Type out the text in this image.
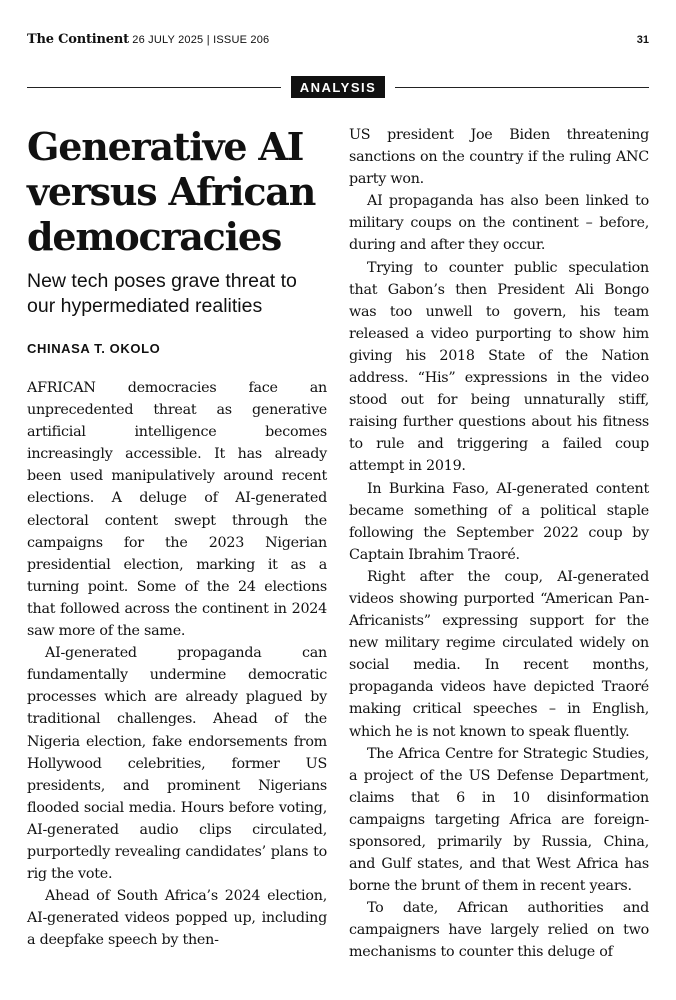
The Continent 26 JULY 2025 | ISSUE 206	31
ANALYSIS
Generative AI versus African democracies
New tech poses grave threat to our hypermediated realities
CHINASA T. OKOLO

AFRICAN democracies face an unprecedented threat as generative artificial intelligence becomes increasingly accessible. It has already been used manipulatively around recent elections. A deluge of AI-generated electoral content swept through the campaigns for the 2023 Nigerian presidential election, marking it as a turning point. Some of the 24 elections that followed across the continent in 2024 saw more of the same.

AI-generated propaganda can fundamentally undermine democratic processes which are already plagued by traditional challenges. Ahead of the Nigeria election, fake endorsements from Hollywood celebrities, former US presidents, and prominent Nigerians flooded social media. Hours before voting, AI-generated audio clips circulated, purportedly revealing candidates’ plans to rig the vote.

Ahead of South Africa’s 2024 election, AI-generated videos popped up, including a deepfake speech by then-

US president Joe Biden threatening sanctions on the country if the ruling ANC party won.

AI propaganda has also been linked to military coups on the continent – before, during and after they occur.

Trying to counter public speculation that Gabon’s then President Ali Bongo was too unwell to govern, his team released a video purporting to show him giving his 2018 State of the Nation address. “His” expressions in the video stood out for being unnaturally stiff, raising further questions about his fitness to rule and triggering a failed coup attempt in 2019.

In Burkina Faso, AI-generated content became something of a political staple following the September 2022 coup by Captain Ibrahim Traoré.

Right after the coup, AI-generated videos showing purported “American Pan-Africanists” expressing support for the new military regime circulated widely on social media. In recent months, propaganda videos have depicted Traoré making critical speeches – in English, which he is not known to speak fluently.

The Africa Centre for Strategic Studies, a project of the US Defense Department, claims that 6 in 10 disinformation campaigns targeting Africa are foreign-sponsored, primarily by Russia, China, and Gulf states, and that West Africa has borne the brunt of them in recent years.

To date, African authorities and campaigners have largely relied on two mechanisms to counter this deluge of
